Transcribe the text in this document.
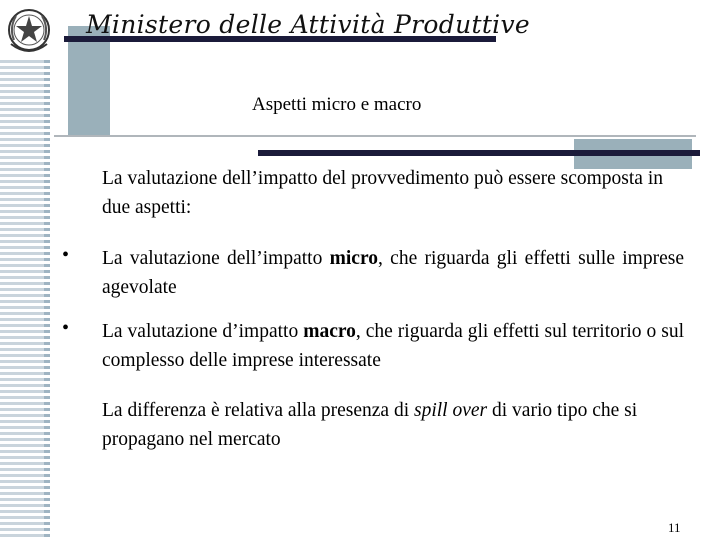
Ministero delle Attività Produttive
Aspetti micro e macro
La valutazione dell’impatto del provvedimento può essere scomposta in due aspetti:
• La valutazione dell’impatto micro, che riguarda gli effetti sulle imprese agevolate
• La valutazione d’impatto macro, che riguarda gli effetti sul territorio o sul complesso delle imprese interessate
La differenza è relativa alla presenza di spill over di vario tipo che si propagano nel mercato
11
